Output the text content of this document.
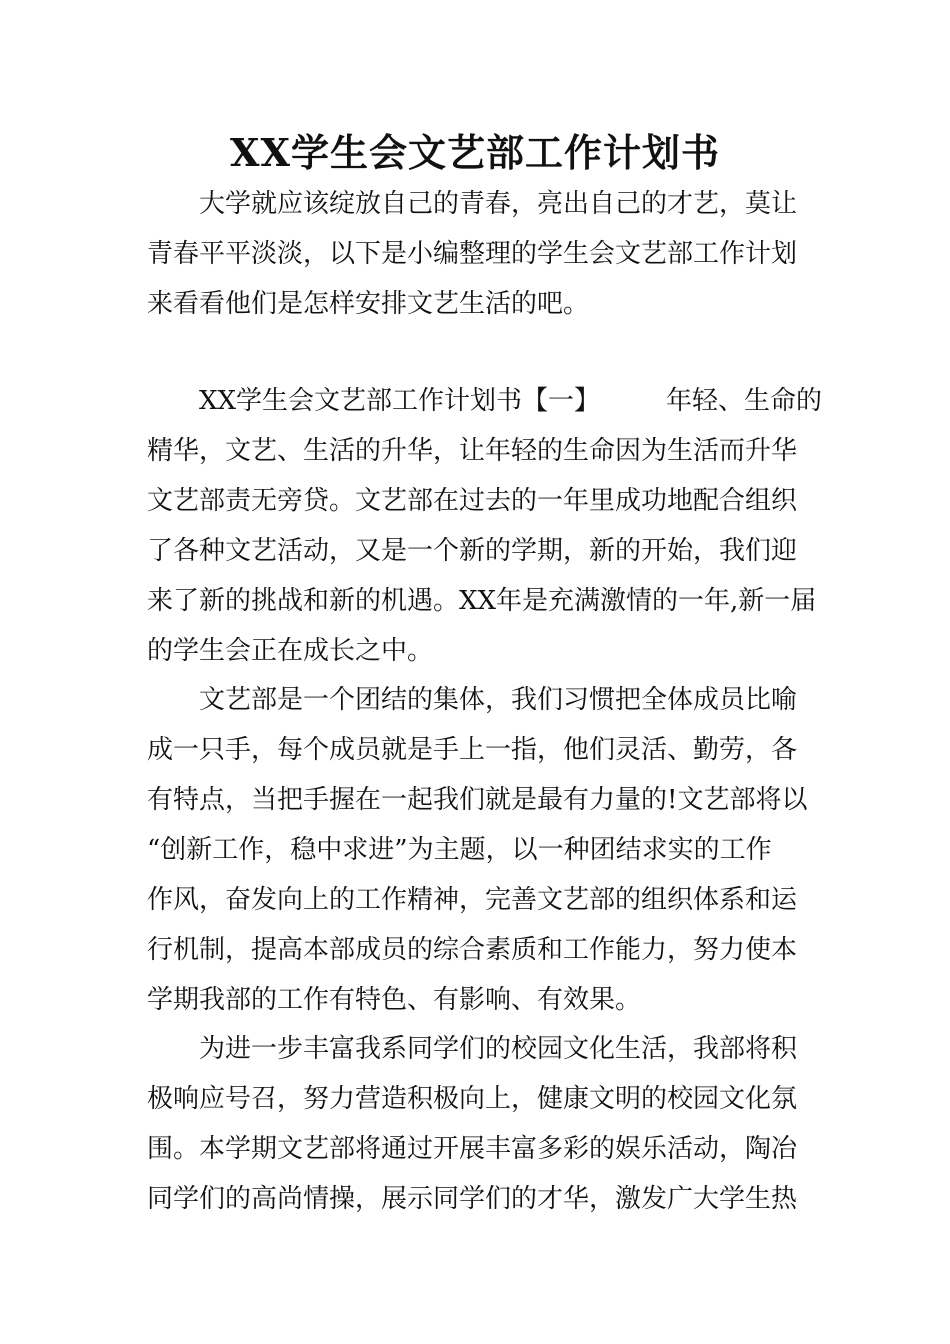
XX学生会文艺部工作计划书
大学就应该绽放自己的青春，亮出自己的才艺，莫让
青春平平淡淡，以下是小编整理的学生会文艺部工作计划
来看看他们是怎样安排文艺生活的吧。
XX学生会文艺部工作计划书【一】	年轻、生命的
精华，文艺、生活的升华，让年轻的生命因为生活而升华
文艺部责无旁贷。文艺部在过去的一年里成功地配合组织
了各种文艺活动，又是一个新的学期，新的开始，我们迎
来了新的挑战和新的机遇。XX年是充满激情的一年,新一届
的学生会正在成长之中。
文艺部是一个团结的集体，我们习惯把全体成员比喻
成一只手，每个成员就是手上一指，他们灵活、勤劳，各
有特点，当把手握在一起我们就是最有力量的!文艺部将以
“创新工作，稳中求进”为主题，以一种团结求实的工作
作风，奋发向上的工作精神，完善文艺部的组织体系和运
行机制，提高本部成员的综合素质和工作能力，努力使本
学期我部的工作有特色、有影响、有效果。
为进一步丰富我系同学们的校园文化生活，我部将积
极响应号召，努力营造积极向上，健康文明的校园文化氛
围。本学期文艺部将通过开展丰富多彩的娱乐活动，陶冶
同学们的高尚情操，展示同学们的才华，激发广大学生热
